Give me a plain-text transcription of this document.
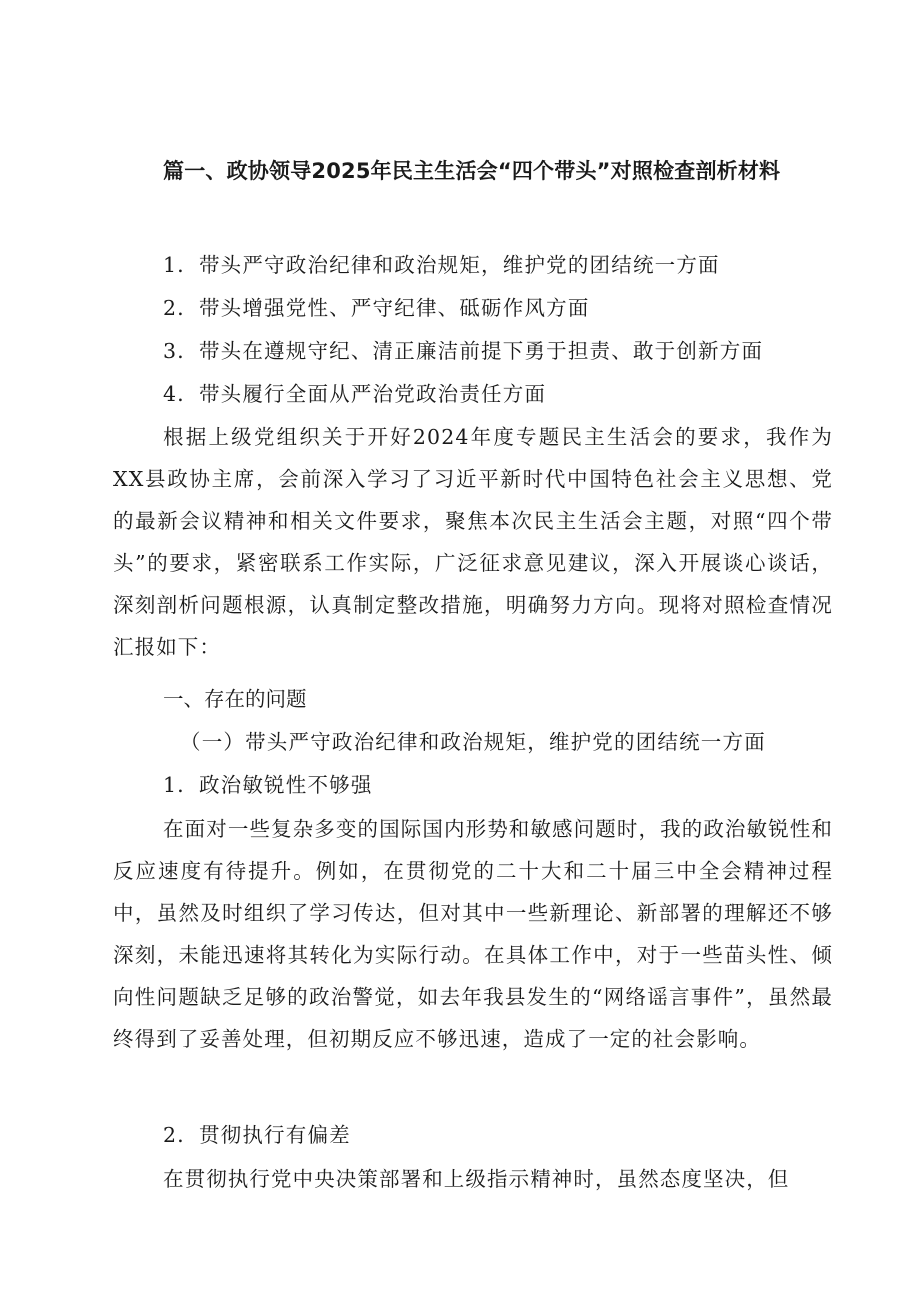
篇一、政协领导2025年民主生活会“四个带头”对照检查剖析材料
1．带头严守政治纪律和政治规矩，维护党的团结统一方面
2．带头增强党性、严守纪律、砥砺作风方面
3．带头在遵规守纪、清正廉洁前提下勇于担责、敢于创新方面
4．带头履行全面从严治党政治责任方面
根据上级党组织关于开好2024年度专题民主生活会的要求，我作为XX县政协主席，会前深入学习了习近平新时代中国特色社会主义思想、党的最新会议精神和相关文件要求，聚焦本次民主生活会主题，对照“四个带头”的要求，紧密联系工作实际，广泛征求意见建议，深入开展谈心谈话，深刻剖析问题根源，认真制定整改措施，明确努力方向。现将对照检查情况汇报如下：
一、存在的问题
（一）带头严守政治纪律和政治规矩，维护党的团结统一方面
1．政治敏锐性不够强
在面对一些复杂多变的国际国内形势和敏感问题时，我的政治敏锐性和反应速度有待提升。例如，在贯彻党的二十大和二十届三中全会精神过程中，虽然及时组织了学习传达，但对其中一些新理论、新部署的理解还不够深刻，未能迅速将其转化为实际行动。在具体工作中，对于一些苗头性、倾向性问题缺乏足够的政治警觉，如去年我县发生的“网络谣言事件”，虽然最终得到了妥善处理，但初期反应不够迅速，造成了一定的社会影响。
2．贯彻执行有偏差
在贯彻执行党中央决策部署和上级指示精神时，虽然态度坚决，但
